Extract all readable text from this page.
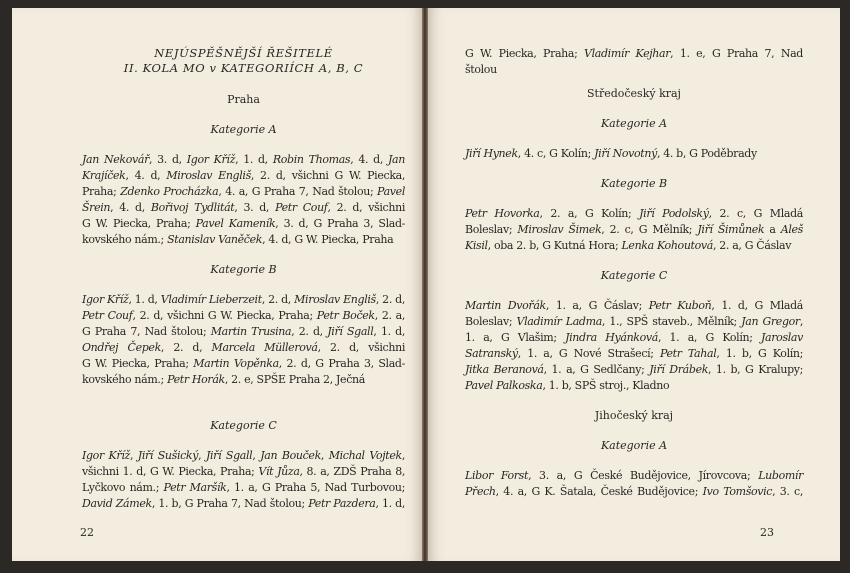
NEJÚSPĚŠNĚJŠÍ ŘEŠITELÉ
II. KOLA MO v KATEGORIÍCH A, B, C
Praha
Kategorie A
Jan Nekovář, 3. d, Igor Kříž, 1. d, Robin Thomas, 4. d, Jan
Krajíček, 4. d, Miroslav Engliš, 2. d, všichni G W. Piecka,
Praha; Zdenko Procházka, 4. a, G Praha 7, Nad štolou; Pavel
Šrein, 4. d, Bořivoj Tydlitát, 3. d, Petr Couf, 2. d, všichni
G W. Piecka, Praha; Pavel Kameník, 3. d, G Praha 3, Slad-
kovského nám.; Stanislav Vaněček, 4. d, G W. Piecka, Praha
Kategorie B
Igor Kříž, 1. d, Vladimír Lieberzeit, 2. d, Miroslav Engliš, 2. d,
Petr Couf, 2. d, všichni G W. Piecka, Praha; Petr Boček, 2. a,
G Praha 7, Nad štolou; Martin Trusina, 2. d, Jiří Sgall, 1. d,
Ondřej Čepek, 2. d, Marcela Müllerová, 2. d, všichni
G W. Piecka, Praha; Martin Vopěnka, 2. d, G Praha 3, Slad-
kovského nám.; Petr Horák, 2. e, SPŠE Praha 2, Ječná
Kategorie C
Igor Kříž, Jiří Sušický, Jiří Sgall, Jan Bouček, Michal Vojtek,
všichni 1. d, G W. Piecka, Praha; Vít Jůza, 8. a, ZDŠ Praha 8,
Lyčkovo nám.; Petr Maršík, 1. a, G Praha 5, Nad Turbovou;
David Zámek, 1. b, G Praha 7, Nad štolou; Petr Pazdera, 1. d,
22
G W. Piecka, Praha; Vladimír Kejhar, 1. e, G Praha 7, Nad
štolou
Středočeský kraj
Kategorie A
Jiří Hynek, 4. c, G Kolín; Jiří Novotný, 4. b, G Poděbrady
Kategorie B
Petr Hovorka, 2. a, G Kolín; Jiří Podolský, 2. c, G Mladá
Boleslav; Miroslav Šimek, 2. c, G Mělník; Jiří Šimůnek a Aleš
Kisil, oba 2. b, G Kutná Hora; Lenka Kohoutová, 2. a, G Čáslav
Kategorie C
Martin Dvořák, 1. a, G Čáslav; Petr Kuboň, 1. d, G Mladá
Boleslav; Vladimír Ladma, 1., SPŠ staveb., Mělník; Jan Gregor,
1. a, G Vlašim; Jindra Hyánková, 1. a, G Kolín; Jaroslav
Satranský, 1. a, G Nové Strašecí; Petr Tahal, 1. b, G Kolín;
Jitka Beranová, 1. a, G Sedlčany; Jiří Drábek, 1. b, G Kralupy;
Pavel Palkoska, 1. b, SPŠ stroj., Kladno
Jihočeský kraj
Kategorie A
Libor Forst, 3. a, G České Budějovice, Jírovcova; Lubomír
Přech, 4. a, G K. Šatala, České Budějovice; Ivo Tomšovic, 3. c,
23
